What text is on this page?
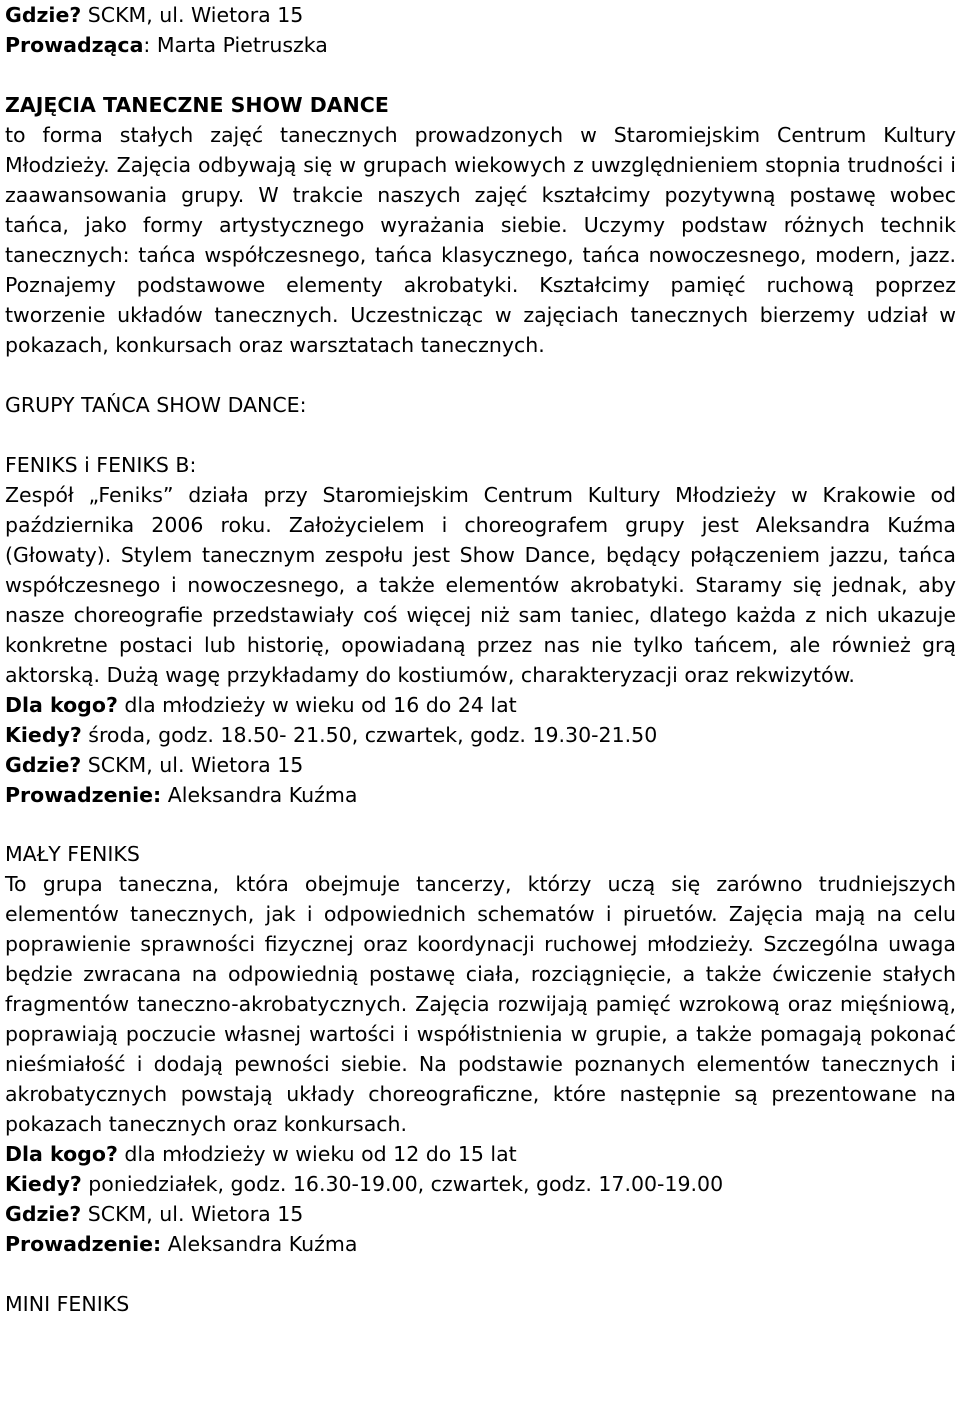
Gdzie? SCKM, ul. Wietora 15

Prowadząca: Marta Pietruszka

ZAJĘCIA TANECZNE SHOW DANCE

to forma stałych zajęć tanecznych prowadzonych w Staromiejskim Centrum Kultury Młodzieży. Zajęcia odbywają się w grupach wiekowych z uwzględnieniem stopnia trudności i zaawansowania grupy. W trakcie naszych zajęć kształcimy pozytywną postawę wobec tańca, jako formy artystycznego wyrażania siebie. Uczymy podstaw różnych technik tanecznych: tańca współczesnego, tańca klasycznego, tańca nowoczesnego, modern, jazz. Poznajemy podstawowe elementy akrobatyki. Kształcimy pamięć ruchową poprzez tworzenie układów tanecznych. Uczestnicząc w zajęciach tanecznych bierzemy udział w pokazach, konkursach oraz warsztatach tanecznych.

GRUPY TAŃCA SHOW DANCE:

FENIKS i FENIKS B:

Zespół „Feniks” działa przy Staromiejskim Centrum Kultury Młodzieży w Krakowie od października 2006 roku. Założycielem i choreografem grupy jest Aleksandra Kuźma (Głowaty). Stylem tanecznym zespołu jest Show Dance, będący połączeniem jazzu, tańca współczesnego i nowoczesnego, a także elementów akrobatyki. Staramy się jednak, aby nasze choreografie przedstawiały coś więcej niż sam taniec, dlatego każda z nich ukazuje konkretne postaci lub historię, opowiadaną przez nas nie tylko tańcem, ale również grą aktorską. Dużą wagę przykładamy do kostiumów, charakteryzacji oraz rekwizytów.

Dla kogo? dla młodzieży w wieku od 16 do 24 lat

Kiedy? środa, godz. 18.50- 21.50, czwartek, godz. 19.30-21.50

Gdzie? SCKM, ul. Wietora 15

Prowadzenie: Aleksandra Kuźma

MAŁY FENIKS

To grupa taneczna, która obejmuje tancerzy, którzy uczą się zarówno trudniejszych elementów tanecznych, jak i odpowiednich schematów i piruetów. Zajęcia mają na celu poprawienie sprawności fizycznej oraz koordynacji ruchowej młodzieży. Szczególna uwaga będzie zwracana na odpowiednią postawę ciała, rozciągnięcie, a także ćwiczenie stałych fragmentów taneczno-akrobatycznych. Zajęcia rozwijają pamięć wzrokową oraz mięśniową, poprawiają poczucie własnej wartości i współistnienia w grupie, a także pomagają pokonać nieśmiałość i dodają pewności siebie. Na podstawie poznanych elementów tanecznych i akrobatycznych powstają układy choreograficzne, które następnie są prezentowane na pokazach tanecznych oraz konkursach.

Dla kogo? dla młodzieży w wieku od 12 do 15 lat

Kiedy? poniedziałek, godz. 16.30-19.00, czwartek, godz. 17.00-19.00

Gdzie? SCKM, ul. Wietora 15

Prowadzenie: Aleksandra Kuźma

MINI FENIKS
